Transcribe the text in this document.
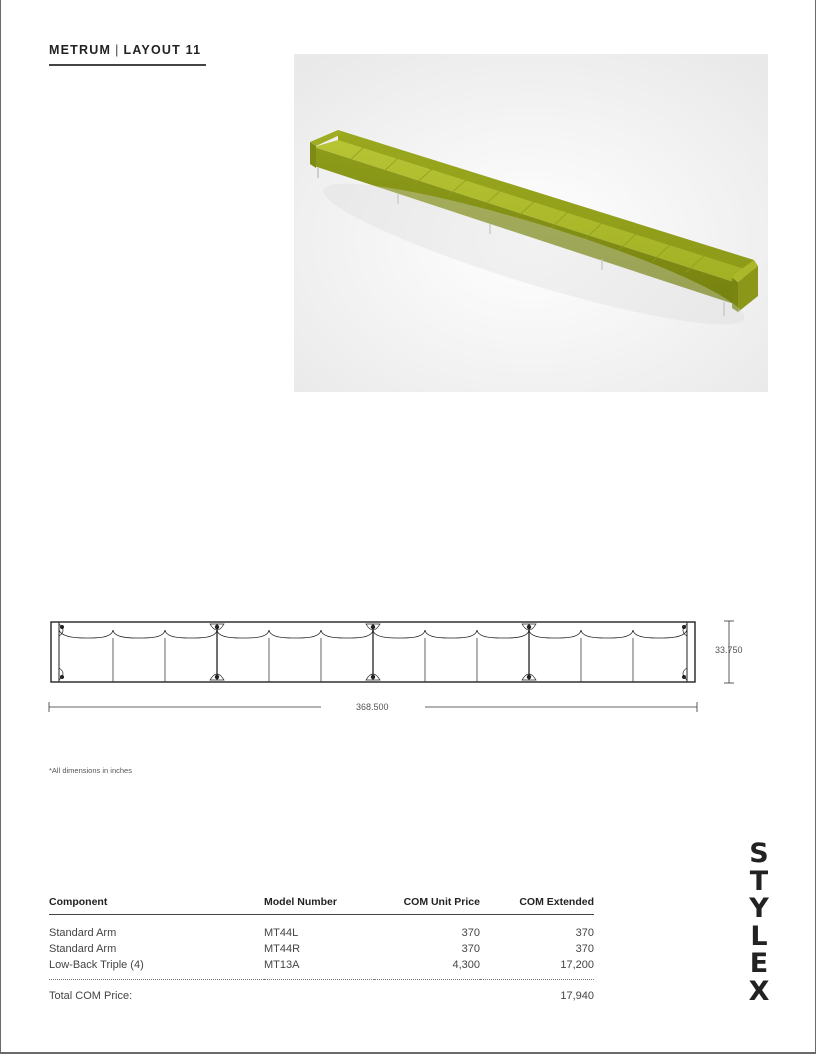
METRUM | LAYOUT 11
33.750
368.500
*All dimensions in inches
S
T
Y
L
E
X
Component	Model Number	COM Unit Price	COM Extended
Standard Arm	MT44L	370	370
Standard Arm	MT44R	370	370
Low-Back Triple (4)	MT13A	4,300	17,200
Total COM Price:			17,940
